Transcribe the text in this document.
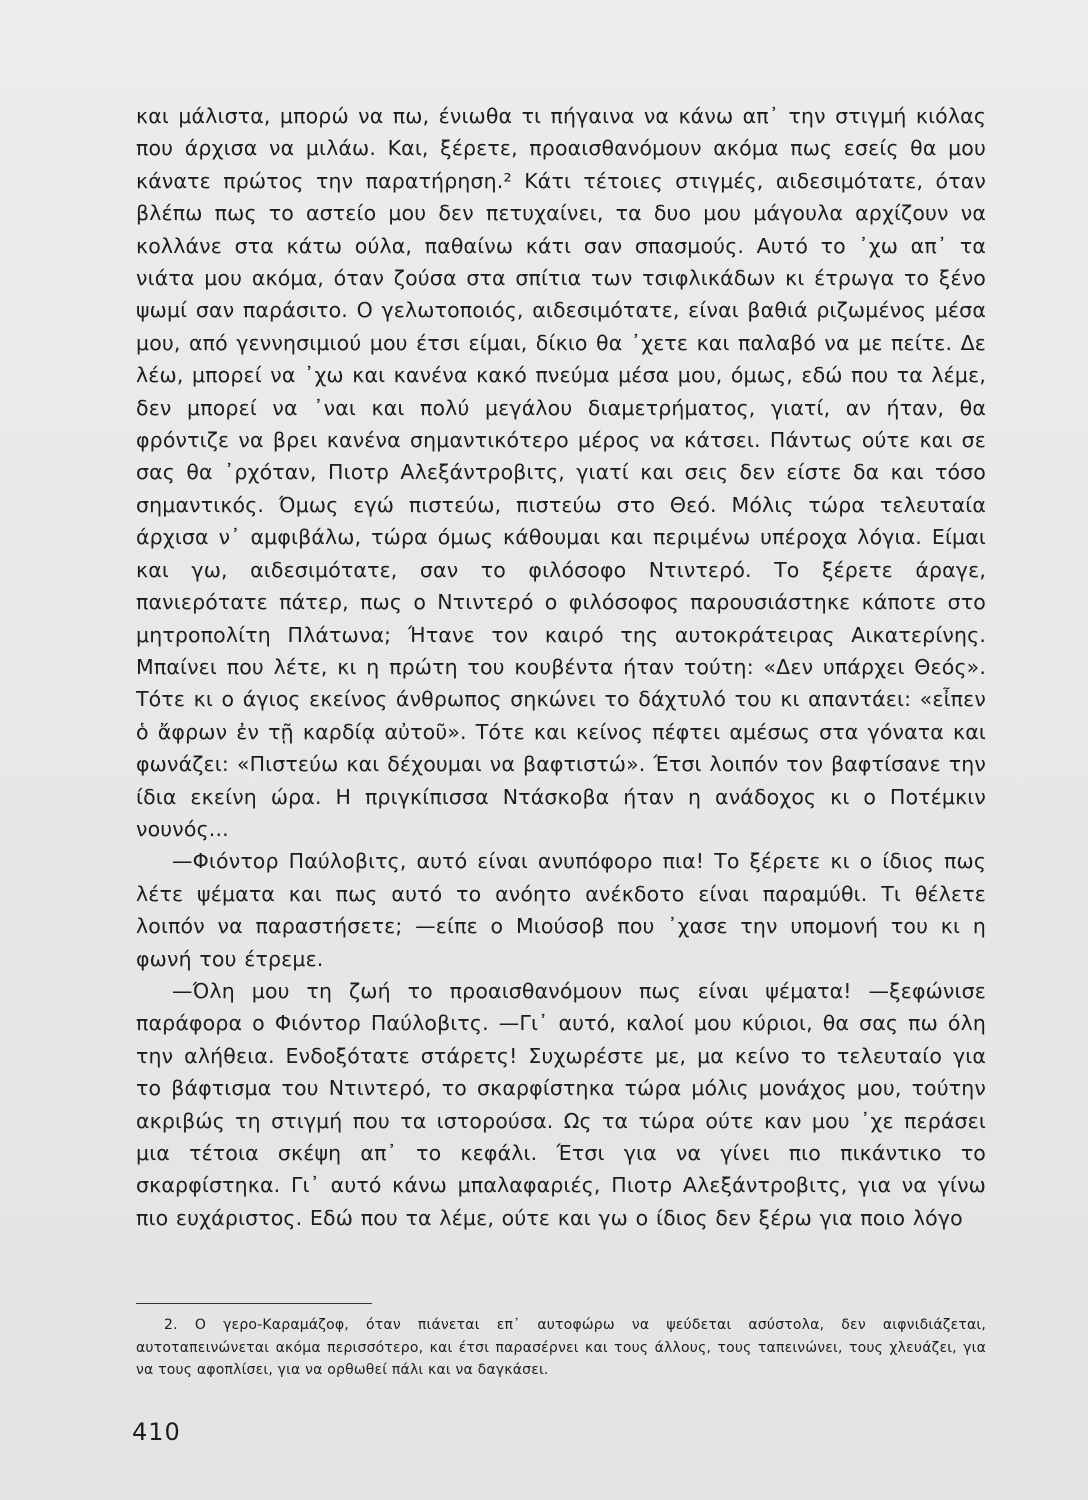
και μάλιστα, μπορώ να πω, ένιωθα τι πήγαινα να κάνω απ᾽ την στιγμή κιόλας που άρχισα να μιλάω. Και, ξέρετε, προαισθανόμουν ακόμα πως εσείς θα μου κάνατε πρώτος την παρατήρηση.² Κάτι τέτοιες στιγμές, αιδεσιμότατε, όταν βλέπω πως το αστείο μου δεν πετυχαίνει, τα δυο μου μάγουλα αρχίζουν να κολλάνε στα κάτω ούλα, παθαίνω κάτι σαν σπασμούς. Αυτό το ᾽χω απ᾽ τα νιάτα μου ακόμα, όταν ζούσα στα σπίτια των τσιφλικάδων κι έτρωγα το ξένο ψωμί σαν παράσιτο. Ο γελωτοποιός, αιδεσιμότατε, είναι βαθιά ριζωμένος μέσα μου, από γεννησιμιού μου έτσι είμαι, δίκιο θα ᾽χετε και παλαβό να με πείτε. Δε λέω, μπορεί να ᾽χω και κανένα κακό πνεύμα μέσα μου, όμως, εδώ που τα λέμε, δεν μπορεί να ᾽ναι και πολύ μεγάλου διαμετρήματος, γιατί, αν ήταν, θα φρόντιζε να βρει κανένα σημαντικότερο μέρος να κάτσει. Πάντως ούτε και σε σας θα ᾽ρχόταν, Πιοτρ Αλεξάντροβιτς, γιατί και σεις δεν είστε δα και τόσο σημαντικός. Όμως εγώ πιστεύω, πιστεύω στο Θεό. Μόλις τώρα τελευταία άρχισα ν᾽ αμφιβάλω, τώρα όμως κάθουμαι και περιμένω υπέροχα λόγια. Είμαι και γω, αιδεσιμότατε, σαν το φιλόσοφο Ντιντερό. Το ξέρετε άραγε, πανιερότατε πάτερ, πως ο Ντιντερό ο φιλόσοφος παρουσιάστηκε κάποτε στο μητροπολίτη Πλάτωνα; Ήτανε τον καιρό της αυτοκράτειρας Αικατερίνης. Μπαίνει που λέτε, κι η πρώτη του κουβέντα ήταν τούτη: «Δεν υπάρχει Θεός». Τότε κι ο άγιος εκείνος άνθρωπος σηκώνει το δάχτυλό του κι απαντάει: «εἶπεν ὁ ἄφρων ἐν τῇ καρδίᾳ αὐτοῦ». Τότε και κείνος πέφτει αμέσως στα γόνατα και φωνάζει: «Πιστεύω και δέχουμαι να βαφτιστώ». Έτσι λοιπόν τον βαφτίσανε την ίδια εκείνη ώρα. Η πριγκίπισσα Ντάσκοβα ήταν η ανάδοχος κι ο Ποτέμκιν νουνός...

—Φιόντορ Παύλοβιτς, αυτό είναι ανυπόφορο πια! Το ξέρετε κι ο ίδιος πως λέτε ψέματα και πως αυτό το ανόητο ανέκδοτο είναι παραμύθι. Τι θέλετε λοιπόν να παραστήσετε; —είπε ο Μιούσοβ που ᾽χασε την υπομονή του κι η φωνή του έτρεμε.

—Όλη μου τη ζωή το προαισθανόμουν πως είναι ψέματα! —ξεφώνισε παράφορα ο Φιόντορ Παύλοβιτς. —Γι᾽ αυτό, καλοί μου κύριοι, θα σας πω όλη την αλήθεια. Ενδοξότατε στάρετς! Συχωρέστε με, μα κείνο το τελευταίο για το βάφτισμα του Ντιντερό, το σκαρφίστηκα τώρα μόλις μονάχος μου, τούτην ακριβώς τη στιγμή που τα ιστορούσα. Ως τα τώρα ούτε καν μου ᾽χε περάσει μια τέτοια σκέψη απ᾽ το κεφάλι. Έτσι για να γίνει πιο πικάντικο το σκαρφίστηκα. Γι᾽ αυτό κάνω μπαλαφαριές, Πιοτρ Αλεξάντροβιτς, για να γίνω πιο ευχάριστος. Εδώ που τα λέμε, ούτε και γω ο ίδιος δεν ξέρω για ποιο λόγο

2. Ο γερο-Καραμάζοφ, όταν πιάνεται επ᾽ αυτοφώρω να ψεύδεται ασύστολα, δεν αιφνιδιάζεται, αυτοταπεινώνεται ακόμα περισσότερο, και έτσι παρασέρνει και τους άλλους, τους ταπεινώνει, τους χλευάζει, για να τους αφοπλίσει, για να ορθωθεί πάλι και να δαγκάσει.

410
